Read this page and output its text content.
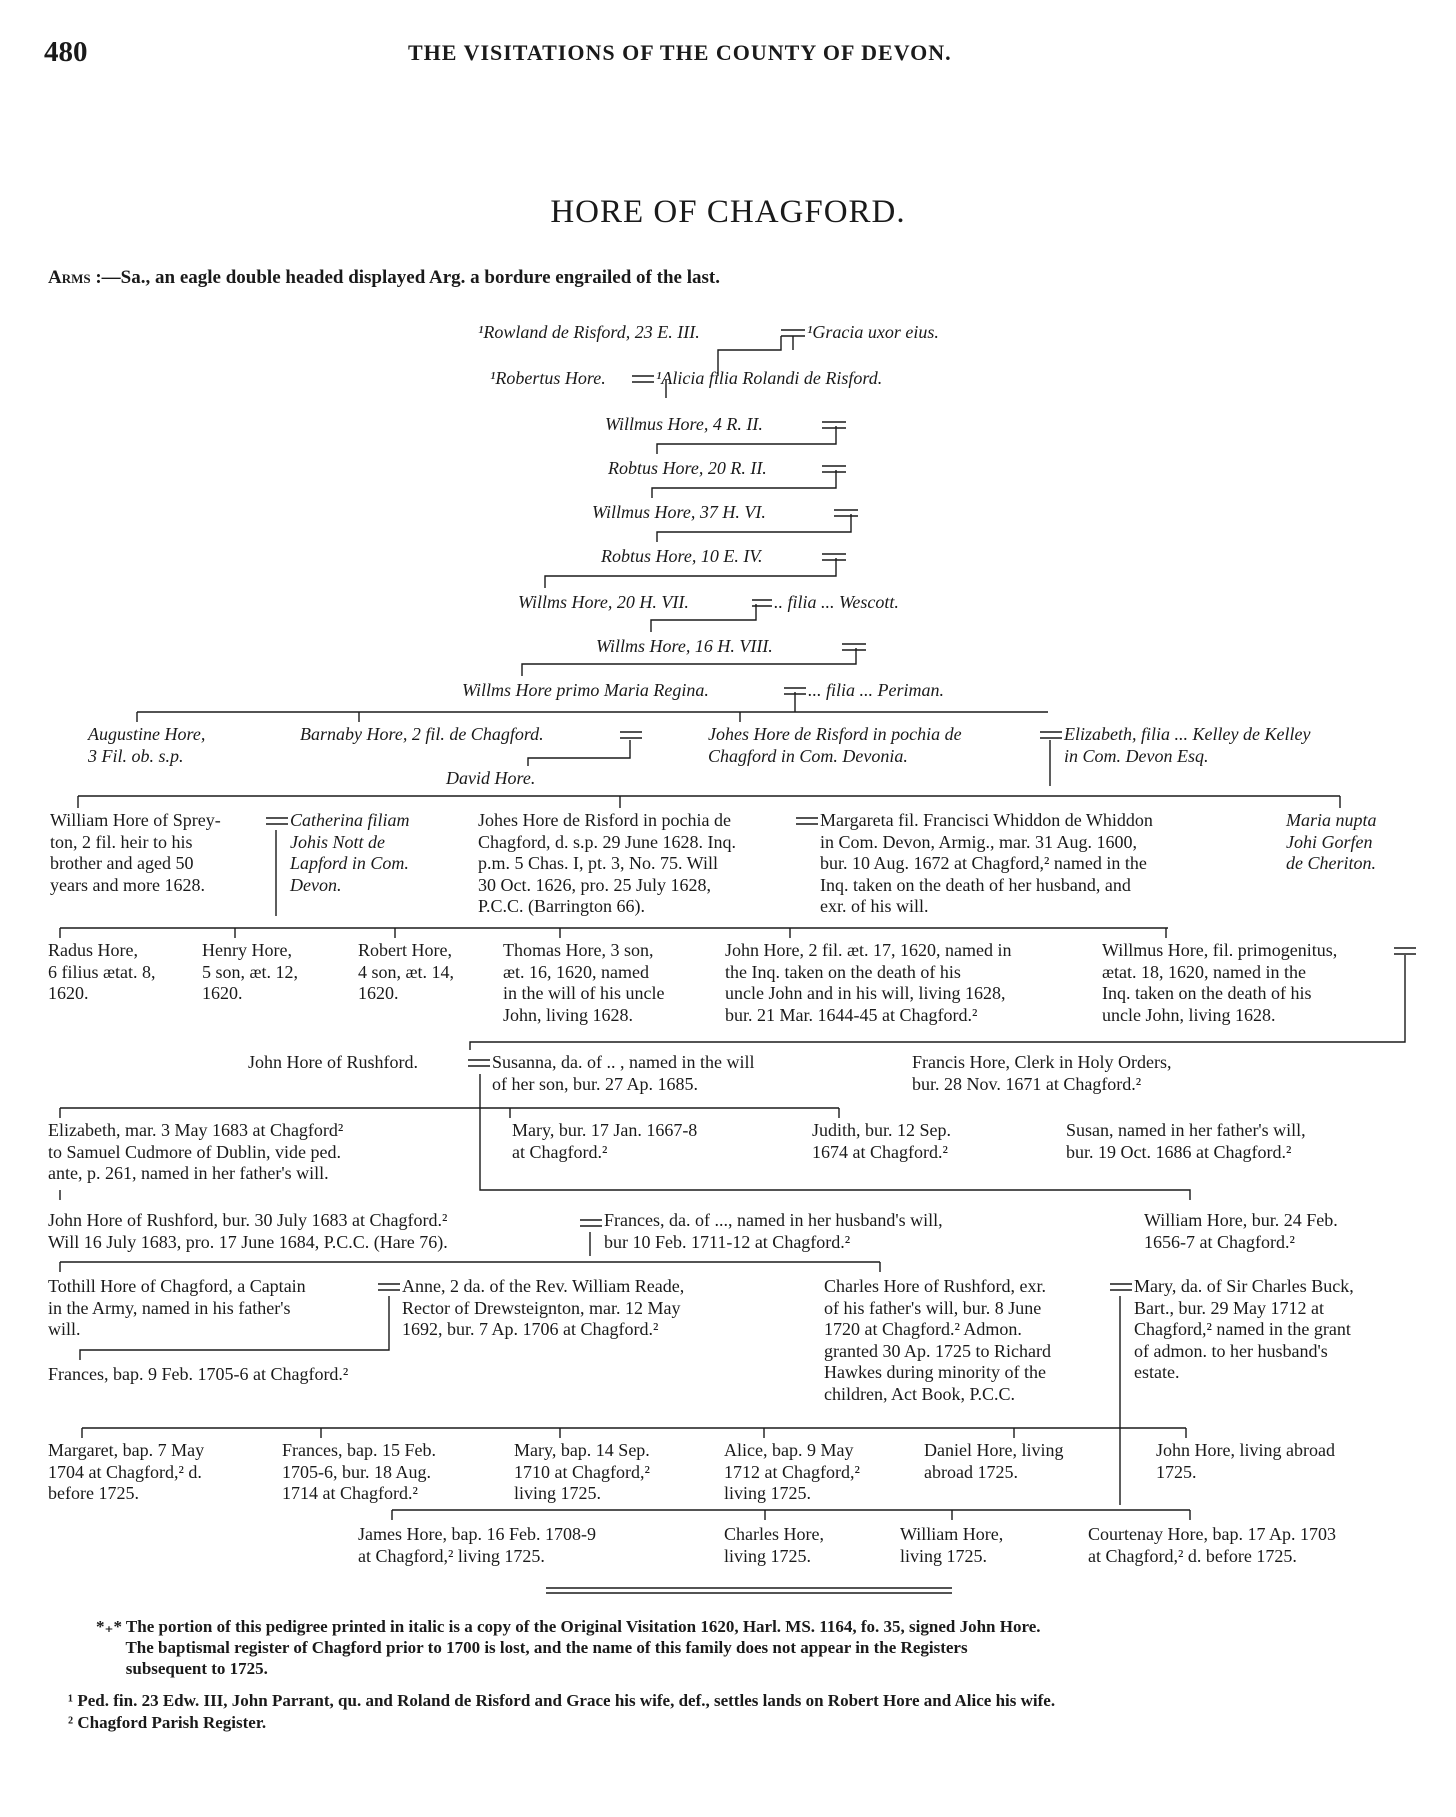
480	THE VISITATIONS OF THE COUNTY OF DEVON.
HORE OF CHAGFORD.
Arms :—Sa., an eagle double headed displayed Arg. a bordure engrailed of the last.
¹Rowland de Risford, 23 E. III.	¹Gracia uxor eius.
¹Robertus Hore.	¹Alicia filia Rolandi de Risford.
Willmus Hore, 4 R. II.
Robtus Hore, 20 R. II.
Willmus Hore, 37 H. VI.
Robtus Hore, 10 E. IV.
Willms Hore, 20 H. VII.	.. filia ... Wescott.
Willms Hore, 16 H. VIII.
Willms Hore primo Maria Regina.	... filia ... Periman.
Augustine Hore,
3 Fil. ob. s.p.
Barnaby Hore, 2 fil. de Chagford.
David Hore.
Johes Hore de Risford in pochia de
Chagford in Com. Devonia.
Elizabeth, filia ... Kelley de Kelley
in Com. Devon Esq.
William Hore of Sprey-
ton, 2 fil. heir to his
brother and aged 50
years and more 1628.
Catherina filiam
Johis Nott de
Lapford in Com.
Devon.
Johes Hore de Risford in pochia de
Chagford, d. s.p. 29 June 1628. Inq.
p.m. 5 Chas. I, pt. 3, No. 75. Will
30 Oct. 1626, pro. 25 July 1628,
P.C.C. (Barrington 66).
Margareta fil. Francisci Whiddon de Whiddon
in Com. Devon, Armig., mar. 31 Aug. 1600,
bur. 10 Aug. 1672 at Chagford,² named in the
Inq. taken on the death of her husband, and
exr. of his will.
Maria nupta
Johi Gorfen
de Cheriton.
Radus Hore,
6 filius ætat. 8,
1620.
Henry Hore,
5 son, æt. 12,
1620.
Robert Hore,
4 son, æt. 14,
1620.
Thomas Hore, 3 son,
æt. 16, 1620, named
in the will of his uncle
John, living 1628.
John Hore, 2 fil. æt. 17, 1620, named in
the Inq. taken on the death of his
uncle John and in his will, living 1628,
bur. 21 Mar. 1644-45 at Chagford.²
Willmus Hore, fil. primogenitus,
ætat. 18, 1620, named in the
Inq. taken on the death of his
uncle John, living 1628.
John Hore of Rushford.	Susanna, da. of .. , named in the will
of her son, bur. 27 Ap. 1685.
Francis Hore, Clerk in Holy Orders,
bur. 28 Nov. 1671 at Chagford.²
Elizabeth, mar. 3 May 1683 at Chagford²
to Samuel Cudmore of Dublin, vide ped.
ante, p. 261, named in her father's will.
Mary, bur. 17 Jan. 1667-8
at Chagford.²
Judith, bur. 12 Sep.
1674 at Chagford.²
Susan, named in her father's will,
bur. 19 Oct. 1686 at Chagford.²
John Hore of Rushford, bur. 30 July 1683 at Chagford.²
Will 16 July 1683, pro. 17 June 1684, P.C.C. (Hare 76).
Frances, da. of ..., named in her husband's will,
bur 10 Feb. 1711-12 at Chagford.²
William Hore, bur. 24 Feb.
1656-7 at Chagford.²
Tothill Hore of Chagford, a Captain
in the Army, named in his father's
will.
Anne, 2 da. of the Rev. William Reade,
Rector of Drewsteignton, mar. 12 May
1692, bur. 7 Ap. 1706 at Chagford.²
Frances, bap. 9 Feb. 1705-6 at Chagford.²
Charles Hore of Rushford, exr.
of his father's will, bur. 8 June
1720 at Chagford.² Admon.
granted 30 Ap. 1725 to Richard
Hawkes during minority of the
children, Act Book, P.C.C.
Mary, da. of Sir Charles Buck,
Bart., bur. 29 May 1712 at
Chagford,² named in the grant
of admon. to her husband's
estate.
Margaret, bap. 7 May
1704 at Chagford,² d.
before 1725.
Frances, bap. 15 Feb.
1705-6, bur. 18 Aug.
1714 at Chagford.²
Mary, bap. 14 Sep.
1710 at Chagford,²
living 1725.
Alice, bap. 9 May
1712 at Chagford,²
living 1725.
Daniel Hore, living
abroad 1725.
John Hore, living abroad
1725.
James Hore, bap. 16 Feb. 1708-9
at Chagford,² living 1725.
Charles Hore,
living 1725.
William Hore,
living 1725.
Courtenay Hore, bap. 17 Ap. 1703
at Chagford,² d. before 1725.
*₊* The portion of this pedigree printed in italic is a copy of the Original Visitation 1620, Harl. MS. 1164, fo. 35, signed John Hore.
The baptismal register of Chagford prior to 1700 is lost, and the name of this family does not appear in the Registers
subsequent to 1725.
¹ Ped. fin. 23 Edw. III, John Parrant, qu. and Roland de Risford and Grace his wife, def., settles lands on Robert Hore and Alice his wife.
² Chagford Parish Register.
